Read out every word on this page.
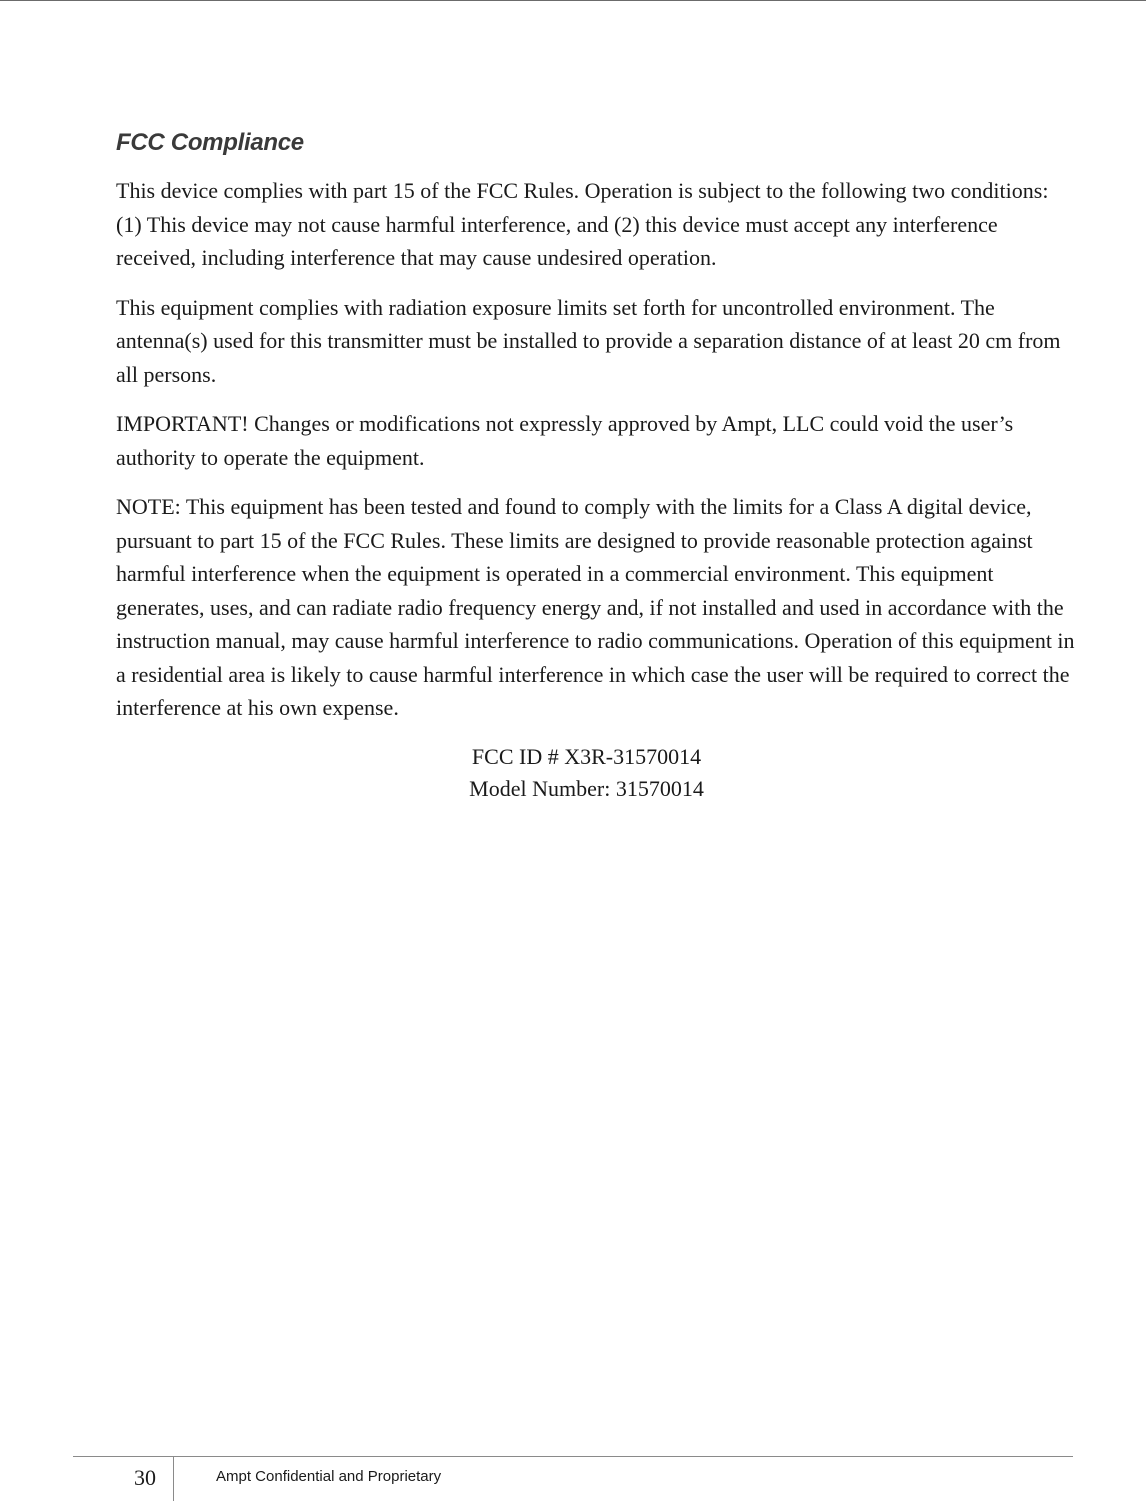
FCC Compliance

This device complies with part 15 of the FCC Rules. Operation is subject to the following two conditions: (1) This device may not cause harmful interference, and (2) this device must accept any interference received, including interference that may cause undesired operation.

This equipment complies with radiation exposure limits set forth for uncontrolled environment. The antenna(s) used for this transmitter must be installed to provide a separation distance of at least 20 cm from all persons.

IMPORTANT! Changes or modifications not expressly approved by Ampt, LLC could void the user’s authority to operate the equipment.

NOTE: This equipment has been tested and found to comply with the limits for a Class A digital device, pursuant to part 15 of the FCC Rules. These limits are designed to provide reasonable protection against harmful interference when the equipment is operated in a commercial environment. This equipment generates, uses, and can radiate radio frequency energy and, if not installed and used in accordance with the instruction manual, may cause harmful interference to radio communications. Operation of this equipment in a residential area is likely to cause harmful interference in which case the user will be required to correct the interference at his own expense.

FCC ID # X3R-31570014

Model Number: 31570014

30	Ampt Confidential and Proprietary
